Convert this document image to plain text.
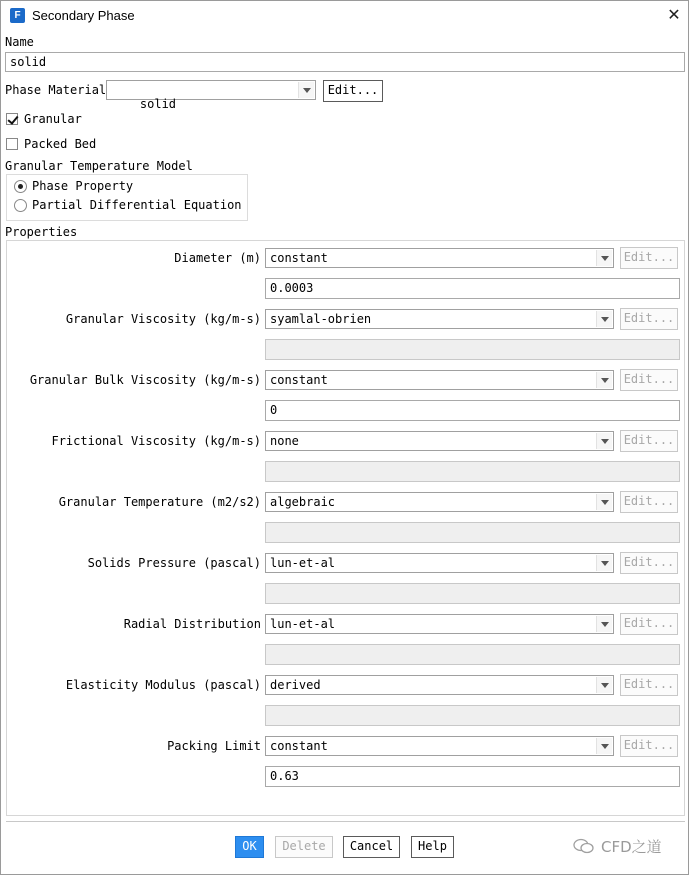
F Secondary Phase	✕
Name
solid
Phase Material

solid

Edit...
Granular
Packed Bed
Granular Temperature Model
Phase Property
Partial Differential Equation
Properties
Diameter (m) constant	Edit...
0.0003
Granular Viscosity (kg/m-s) syamlal-obrien	Edit...
Granular Bulk Viscosity (kg/m-s) constant	Edit...
0
Frictional Viscosity (kg/m-s) none	Edit...
Granular Temperature (m2/s2) algebraic	Edit...
Solids Pressure (pascal) lun-et-al	Edit...
Radial Distribution lun-et-al	Edit...
Elasticity Modulus (pascal) derived	Edit...
Packing Limit constant	Edit...
0.63
OK	Delete	Cancel	Help	CFD之道
